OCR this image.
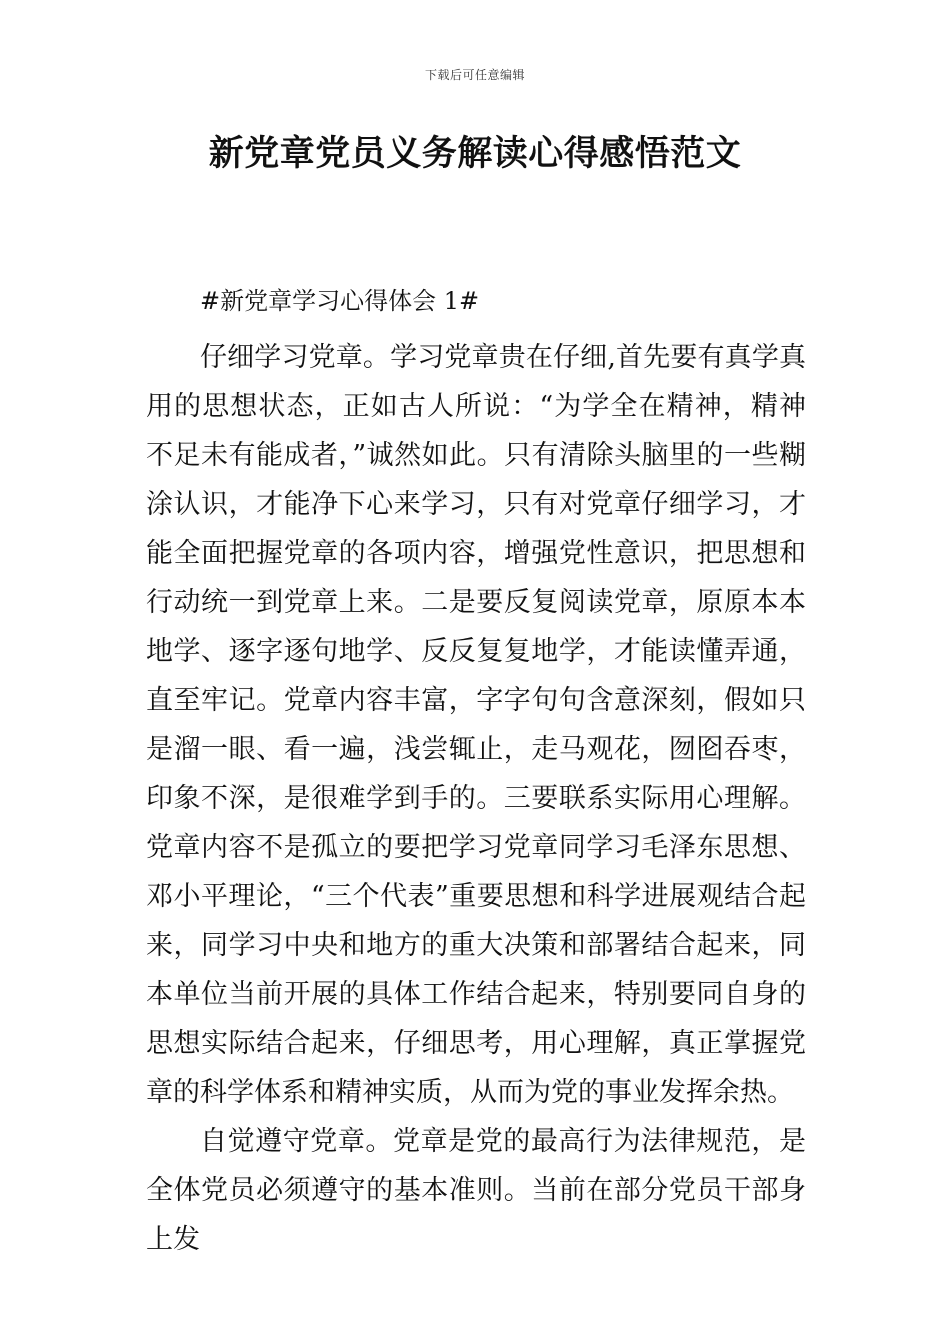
下载后可任意编辑
新党章党员义务解读心得感悟范文
#新党章学习心得体会 1#

仔细学习党章。学习党章贵在仔细,首先要有真学真用的思想状态，正如古人所说：“为学全在精神，精神不足未有能成者，”诚然如此。只有清除头脑里的一些糊涂认识，才能净下心来学习，只有对党章仔细学习，才能全面把握党章的各项内容，增强党性意识，把思想和行动统一到党章上来。二是要反复阅读党章，原原本本地学、逐字逐句地学、反反复复地学，才能读懂弄通，直至牢记。党章内容丰富，字字句句含意深刻，假如只是溜一眼、看一遍，浅尝辄止，走马观花，囫囵吞枣，印象不深，是很难学到手的。三要联系实际用心理解。党章内容不是孤立的要把学习党章同学习毛泽东思想、邓小平理论，“三个代表”重要思想和科学进展观结合起来，同学习中央和地方的重大决策和部署结合起来，同本单位当前开展的具体工作结合起来，特别要同自身的思想实际结合起来，仔细思考，用心理解，真正掌握党章的科学体系和精神实质，从而为党的事业发挥余热。

自觉遵守党章。党章是党的最高行为法律规范，是全体党员必须遵守的基本准则。当前在部分党员干部身上发
